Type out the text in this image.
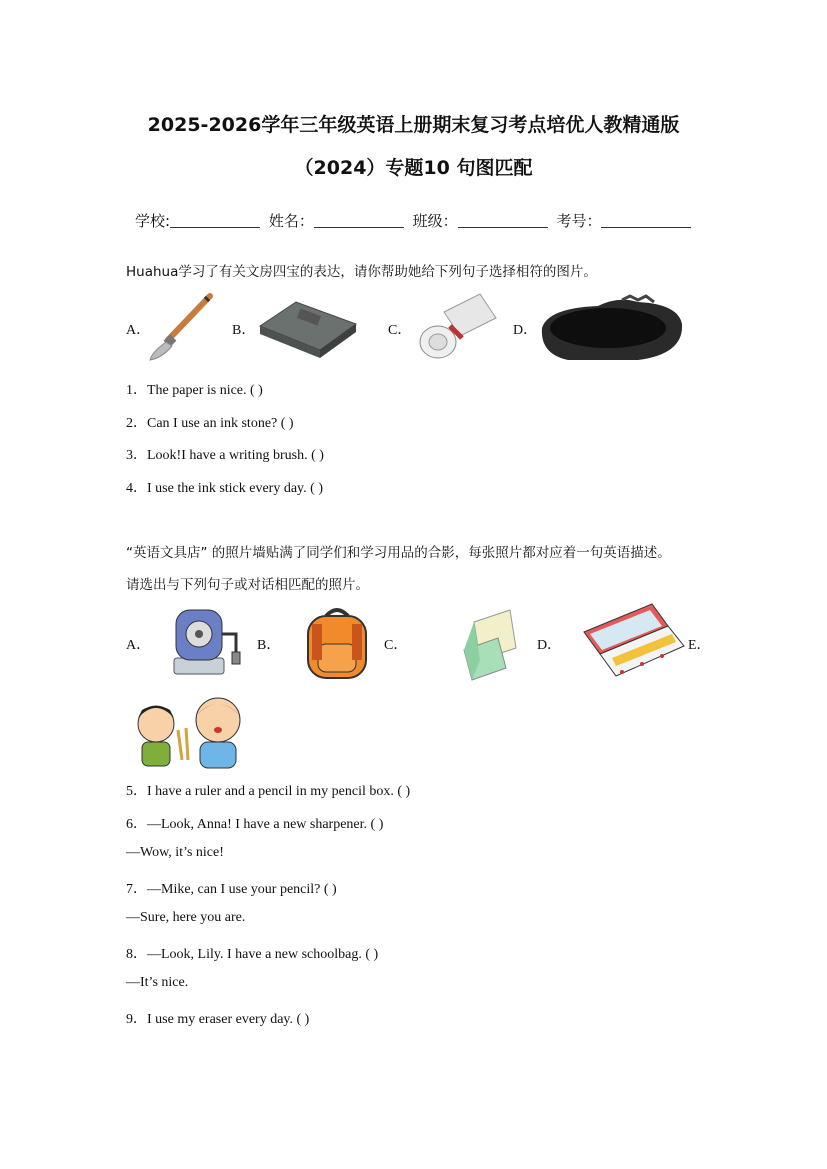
2025-2026学年三年级英语上册期末复习考点培优人教精通版
（2024）专题10 句图匹配
学校:	姓名：	班级：	考号：
Huahua学习了有关文房四宝的表达，请你帮助她给下列句子选择相符的图片。
A．	B．	C．	D．
1．The paper is nice. ( )
2．Can I use an ink stone? ( )
3．Look!I have a writing brush. ( )
4．I use the ink stick every day. ( )
“英语文具店” 的照片墙贴满了同学们和学习用品的合影，每张照片都对应着一句英语描述。
请选出与下列句子或对话相匹配的照片。
A．	B．	C．	D．	E．
5．I have a ruler and a pencil in my pencil box. ( )
6．—Look, Anna! I have a new sharpener. ( )
—Wow, it’s nice!
7．—Mike, can I use your pencil? ( )
—Sure, here you are.
8．—Look, Lily. I have a new schoolbag. ( )
—It’s nice.
9．I use my eraser every day. ( )
